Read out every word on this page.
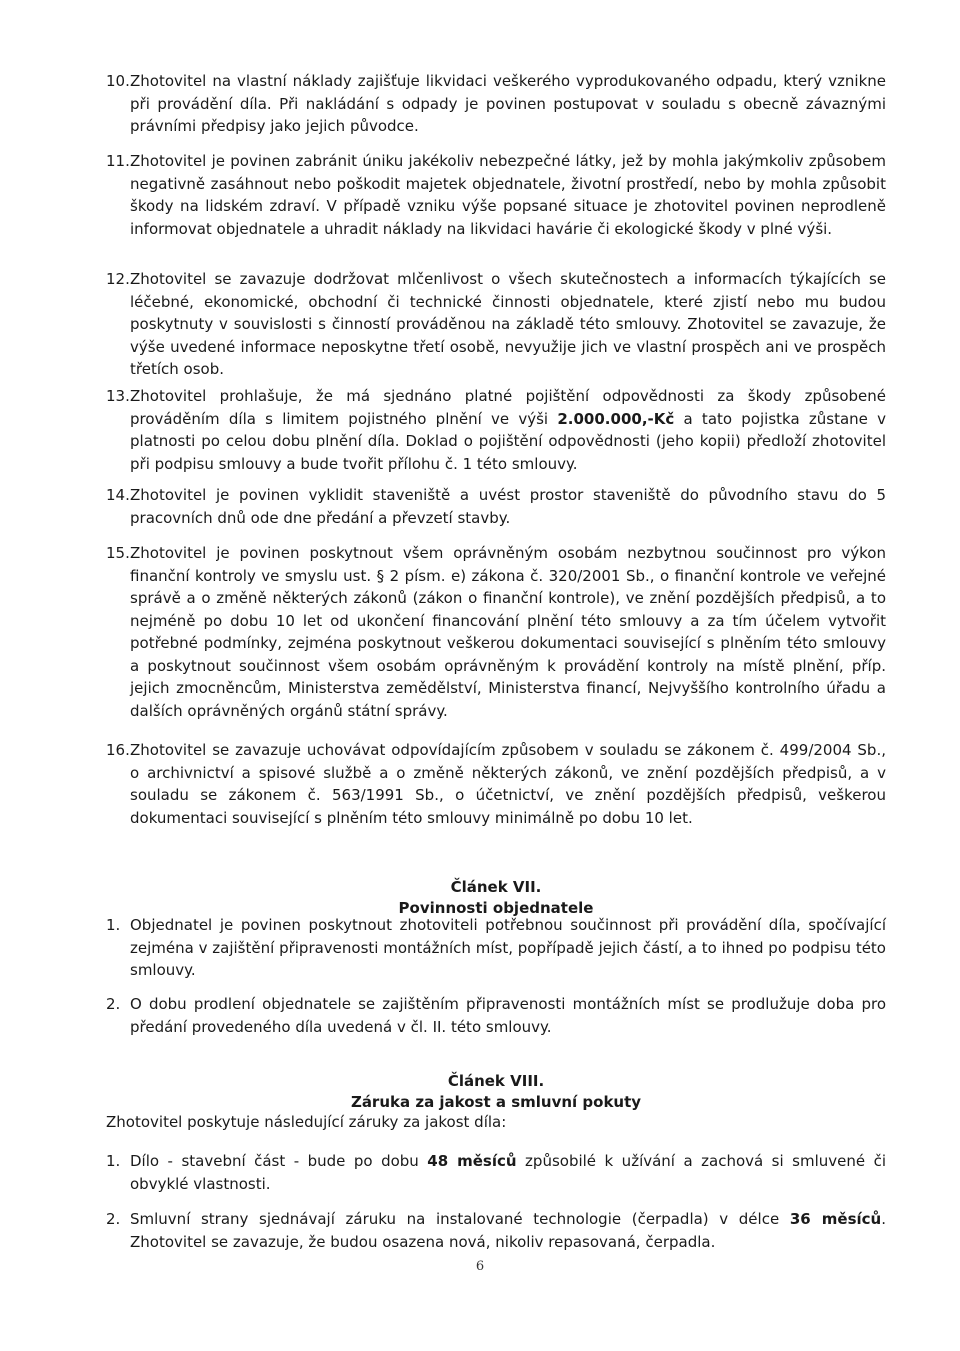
10. Zhotovitel na vlastní náklady zajišťuje likvidaci veškerého vyprodukovaného odpadu, který vznikne při provádění díla. Při nakládání s odpady je povinen postupovat v souladu s obecně závaznými právními předpisy jako jejich původce.
11. Zhotovitel je povinen zabránit úniku jakékoliv nebezpečné látky, jež by mohla jakýmkoliv způsobem negativně zasáhnout nebo poškodit majetek objednatele, životní prostředí, nebo by mohla způsobit škody na lidském zdraví. V případě vzniku výše popsané situace je zhotovitel povinen neprodleně informovat objednatele a uhradit náklady na likvidaci havárie či ekologické škody v plné výši.
12. Zhotovitel se zavazuje dodržovat mlčenlivost o všech skutečnostech a informacích týkajících se léčebné, ekonomické, obchodní či technické činnosti objednatele, které zjistí nebo mu budou poskytnuty v souvislosti s činností prováděnou na základě této smlouvy. Zhotovitel se zavazuje, že výše uvedené informace neposkytne třetí osobě, nevyužije jich ve vlastní prospěch ani ve prospěch třetích osob.
13. Zhotovitel prohlašuje, že má sjednáno platné pojištění odpovědnosti za škody způsobené prováděním díla s limitem pojistného plnění ve výši 2.000.000,-Kč a tato pojistka zůstane v platnosti po celou dobu plnění díla. Doklad o pojištění odpovědnosti (jeho kopii) předloží zhotovitel při podpisu smlouvy a bude tvořit přílohu č. 1 této smlouvy.
14. Zhotovitel je povinen vyklidit staveniště a uvést prostor staveniště do původního stavu do 5 pracovních dnů ode dne předání a převzetí stavby.
15. Zhotovitel je povinen poskytnout všem oprávněným osobám nezbytnou součinnost pro výkon finanční kontroly ve smyslu ust. § 2 písm. e) zákona č. 320/2001 Sb., o finanční kontrole ve veřejné správě a o změně některých zákonů (zákon o finanční kontrole), ve znění pozdějších předpisů, a to nejméně po dobu 10 let od ukončení financování plnění této smlouvy a za tím účelem vytvořit potřebné podmínky, zejména poskytnout veškerou dokumentaci související s plněním této smlouvy a poskytnout součinnost všem osobám oprávněným k provádění kontroly na místě plnění, příp. jejich zmocněncům, Ministerstva zemědělství, Ministerstva financí, Nejvyššího kontrolního úřadu a dalších oprávněných orgánů státní správy.
16. Zhotovitel se zavazuje uchovávat odpovídajícím způsobem v souladu se zákonem č. 499/2004 Sb., o archivnictví a spisové službě a o změně některých zákonů, ve znění pozdějších předpisů, a v souladu se zákonem č. 563/1991 Sb., o účetnictví, ve znění pozdějších předpisů, veškerou dokumentaci související s plněním této smlouvy minimálně po dobu 10 let.
Článek VII.
Povinnosti objednatele
1. Objednatel je povinen poskytnout zhotoviteli potřebnou součinnost při provádění díla, spočívající zejména v zajištění připravenosti montážních míst, popřípadě jejich částí, a to ihned po podpisu této smlouvy.
2. O dobu prodlení objednatele se zajištěním připravenosti montážních míst se prodlužuje doba pro předání provedeného díla uvedená v čl. II. této smlouvy.
Článek VIII.
Záruka za jakost a smluvní pokuty
Zhotovitel poskytuje následující záruky za jakost díla:
1. Dílo - stavební část - bude po dobu 48 měsíců způsobilé k užívání a zachová si smluvené či obvyklé vlastnosti.
2. Smluvní strany sjednávají záruku na instalované technologie (čerpadla) v délce 36 měsíců. Zhotovitel se zavazuje, že budou osazena nová, nikoliv repasovaná, čerpadla.
6
